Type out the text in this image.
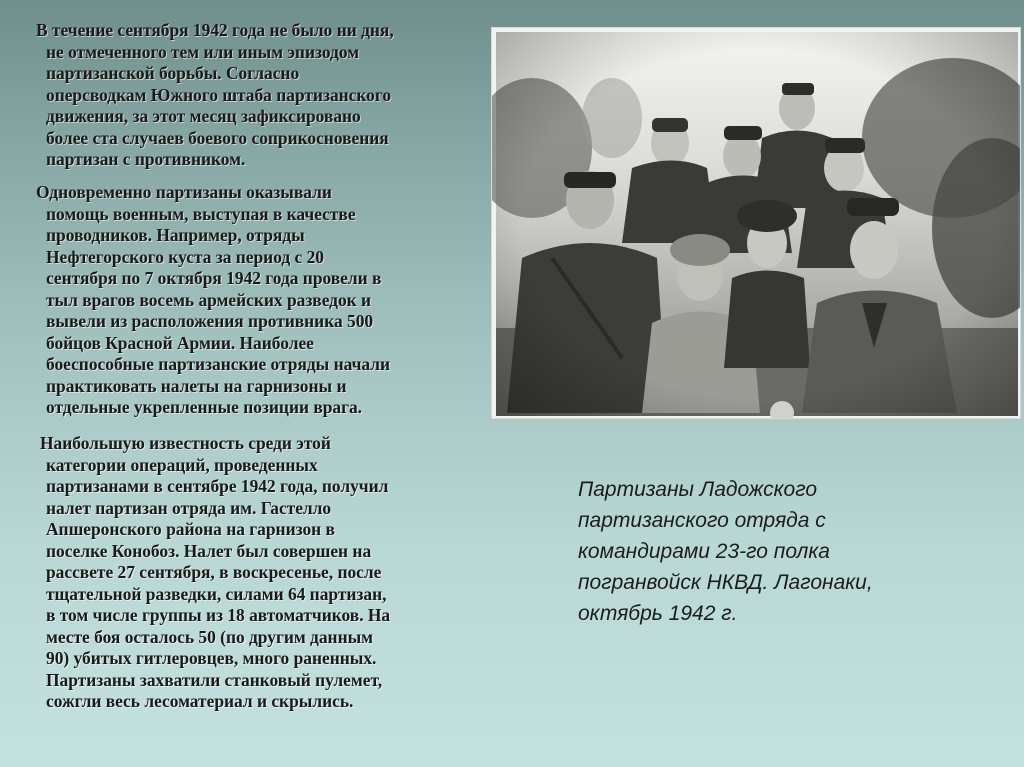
В течение сентября 1942 года не было ни дня,
не отмеченного тем или иным эпизодом
партизанской борьбы. Согласно
оперсводкам Южного штаба партизанского
движения, за этот месяц зафиксировано
более ста случаев боевого соприкосновения
партизан с противником.
Одновременно партизаны оказывали
помощь военным, выступая в качестве
проводников. Например, отряды
Нефтегорского куста за период с 20
сентября по 7 октября 1942 года провели в
тыл врагов восемь армейских разведок и
вывели из расположения противника 500
бойцов Красной Армии. Наиболее
боеспособные партизанские отряды начали
практиковать налеты на гарнизоны и
отдельные укрепленные позиции врага.
Наибольшую известность среди этой
категории операций, проведенных
партизанами в сентябре 1942 года, получил
налет партизан отряда им. Гастелло
Апшеронского района на гарнизон в
поселке Конобоз. Налет был совершен на
рассвете 27 сентября, в воскресенье, после
тщательной разведки, силами 64 партизан,
в том числе группы из 18 автоматчиков. На
месте боя осталось 50 (по другим данным
90) убитых гитлеровцев, много раненных.
Партизаны захватили станковый пулемет,
сожгли весь лесоматериал и скрылись.
Партизаны Ладожского
партизанского отряда с
командирами 23-го полка
погранвойск НКВД. Лагонаки,
октябрь 1942 г.
